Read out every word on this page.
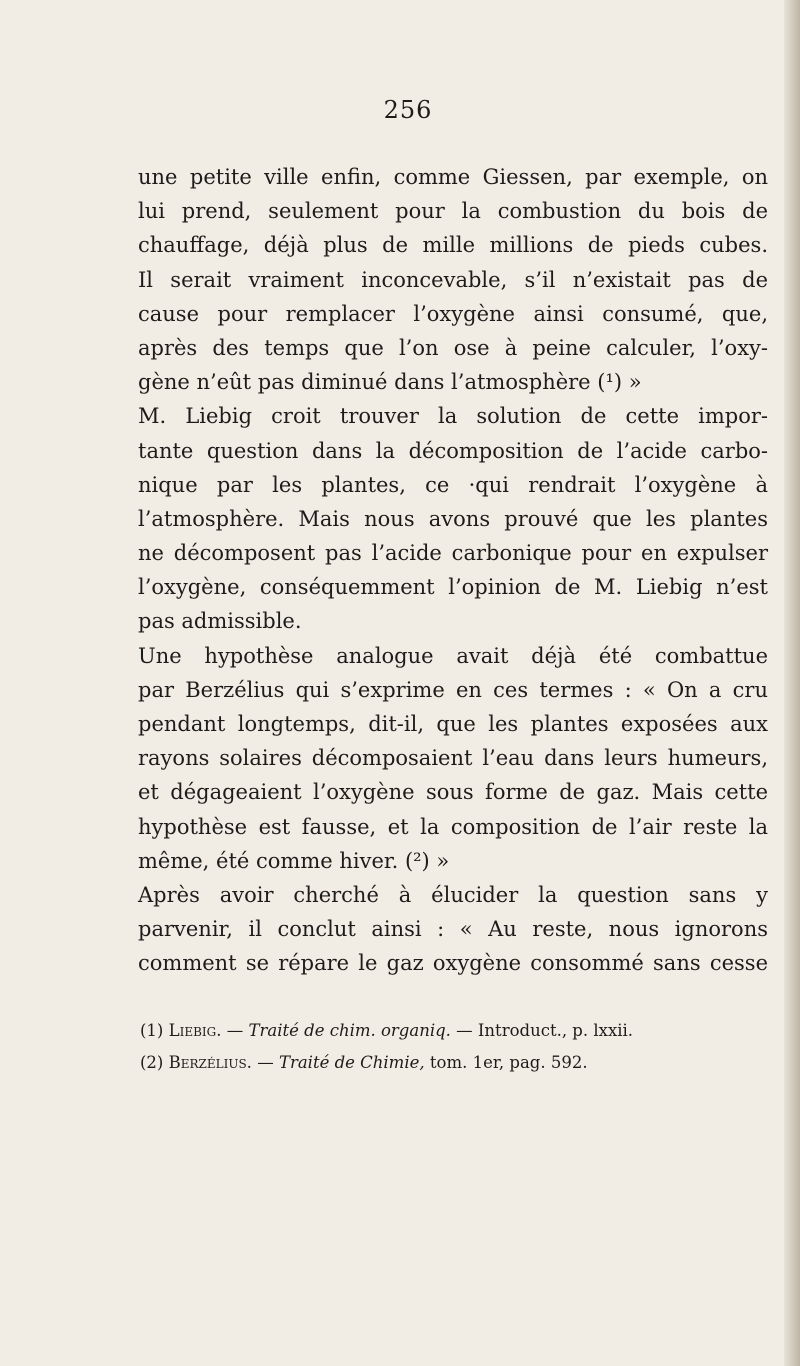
256
une petite ville enfin, comme Giessen, par exemple, on
lui prend, seulement pour la combustion du bois de
chauffage, déjà plus de mille millions de pieds cubes.
Il serait vraiment inconcevable, s’il n’existait pas de
cause pour remplacer l’oxygène ainsi consumé, que,
après des temps que l’on ose à peine calculer, l’oxy-
gène n’eût pas diminué dans l’atmosphère (¹) »
M. Liebig croit trouver la solution de cette impor-
tante question dans la décomposition de l’acide carbo-
nique par les plantes, ce ·qui rendrait l’oxygène à
l’atmosphère. Mais nous avons prouvé que les plantes
ne décomposent pas l’acide carbonique pour en expulser
l’oxygène, conséquemment l’opinion de M. Liebig n’est
pas admissible.
Une hypothèse analogue avait déjà été combattue
par Berzélius qui s’exprime en ces termes : « On a cru
pendant longtemps, dit-il, que les plantes exposées aux
rayons solaires décomposaient l’eau dans leurs humeurs,
et dégageaient l’oxygène sous forme de gaz. Mais cette
hypothèse est fausse, et la composition de l’air reste la
même, été comme hiver. (²) »
Après avoir cherché à élucider la question sans y
parvenir, il conclut ainsi : « Au reste, nous ignorons
comment se répare le gaz oxygène consommé sans cesse
(1) Liebig. — Traité de chim. organiq. — Introduct., p. lxxii.
(2) Berzélius. — Traité de Chimie, tom. 1er, pag. 592.
